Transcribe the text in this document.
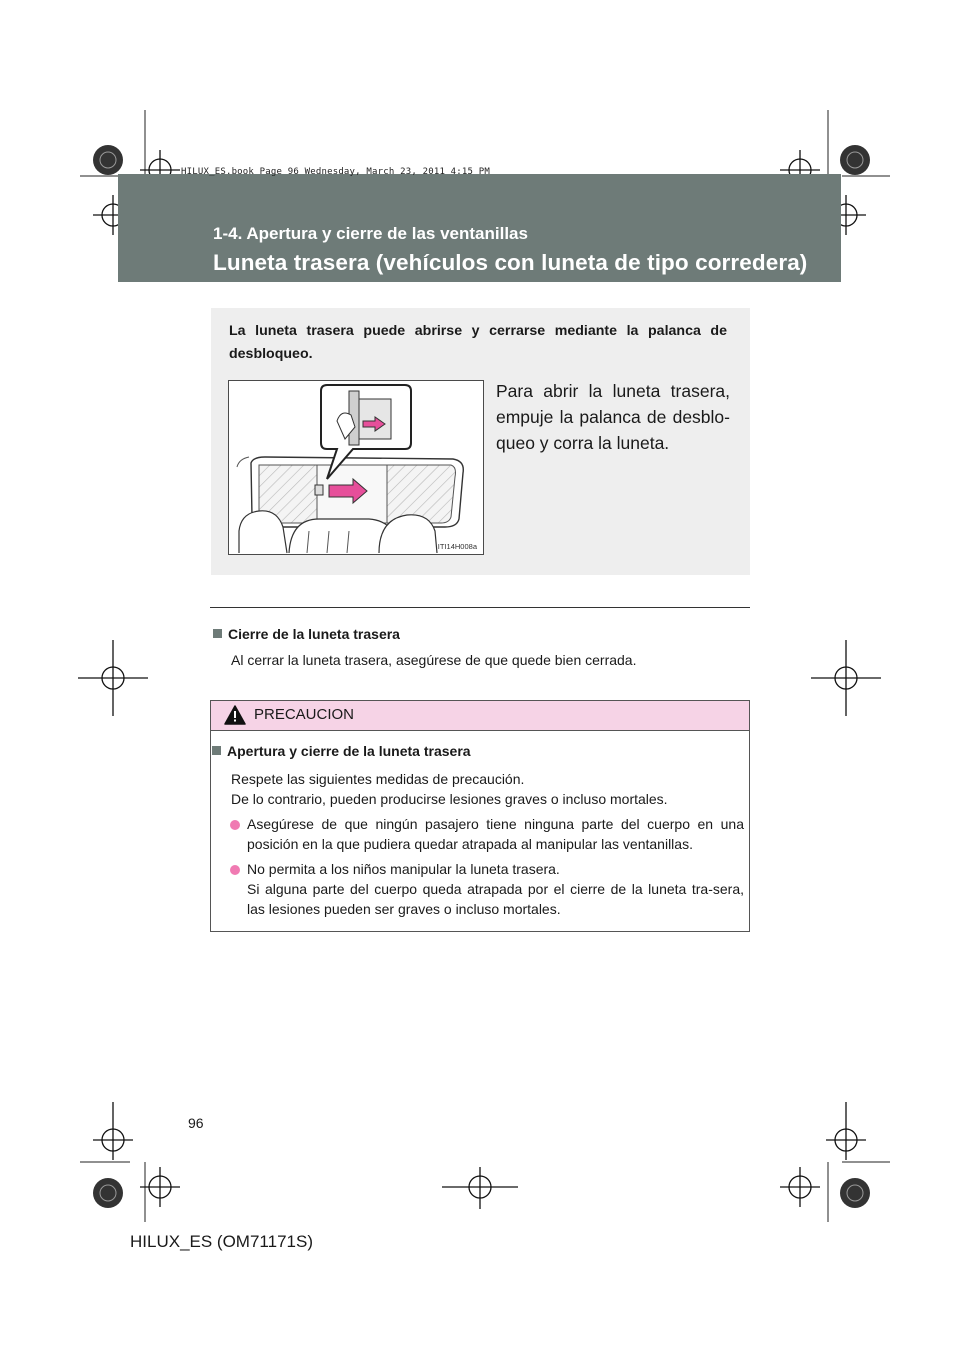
HILUX_ES.book Page 96 Wednesday, March 23, 2011 4:15 PM
1-4. Apertura y cierre de las ventanillas
Luneta trasera (vehículos con luneta de tipo corredera)
La luneta trasera puede abrirse y cerrarse mediante la palanca de desbloqueo.
ITI14H008a
Para abrir la luneta trasera, empuje la palanca de desblo-queo y corra la luneta.
Cierre de la luneta trasera
Al cerrar la luneta trasera, asegúrese de que quede bien cerrada.
PRECAUCION
Apertura y cierre de la luneta trasera
Respete las siguientes medidas de precaución.
De lo contrario, pueden producirse lesiones graves o incluso mortales.
Asegúrese de que ningún pasajero tiene ninguna parte del cuerpo en una posición en la que pudiera quedar atrapada al manipular las ventanillas.
No permita a los niños manipular la luneta trasera.
Si alguna parte del cuerpo queda atrapada por el cierre de la luneta tra-sera, las lesiones pueden ser graves o incluso mortales.
96
HILUX_ES (OM71171S)
